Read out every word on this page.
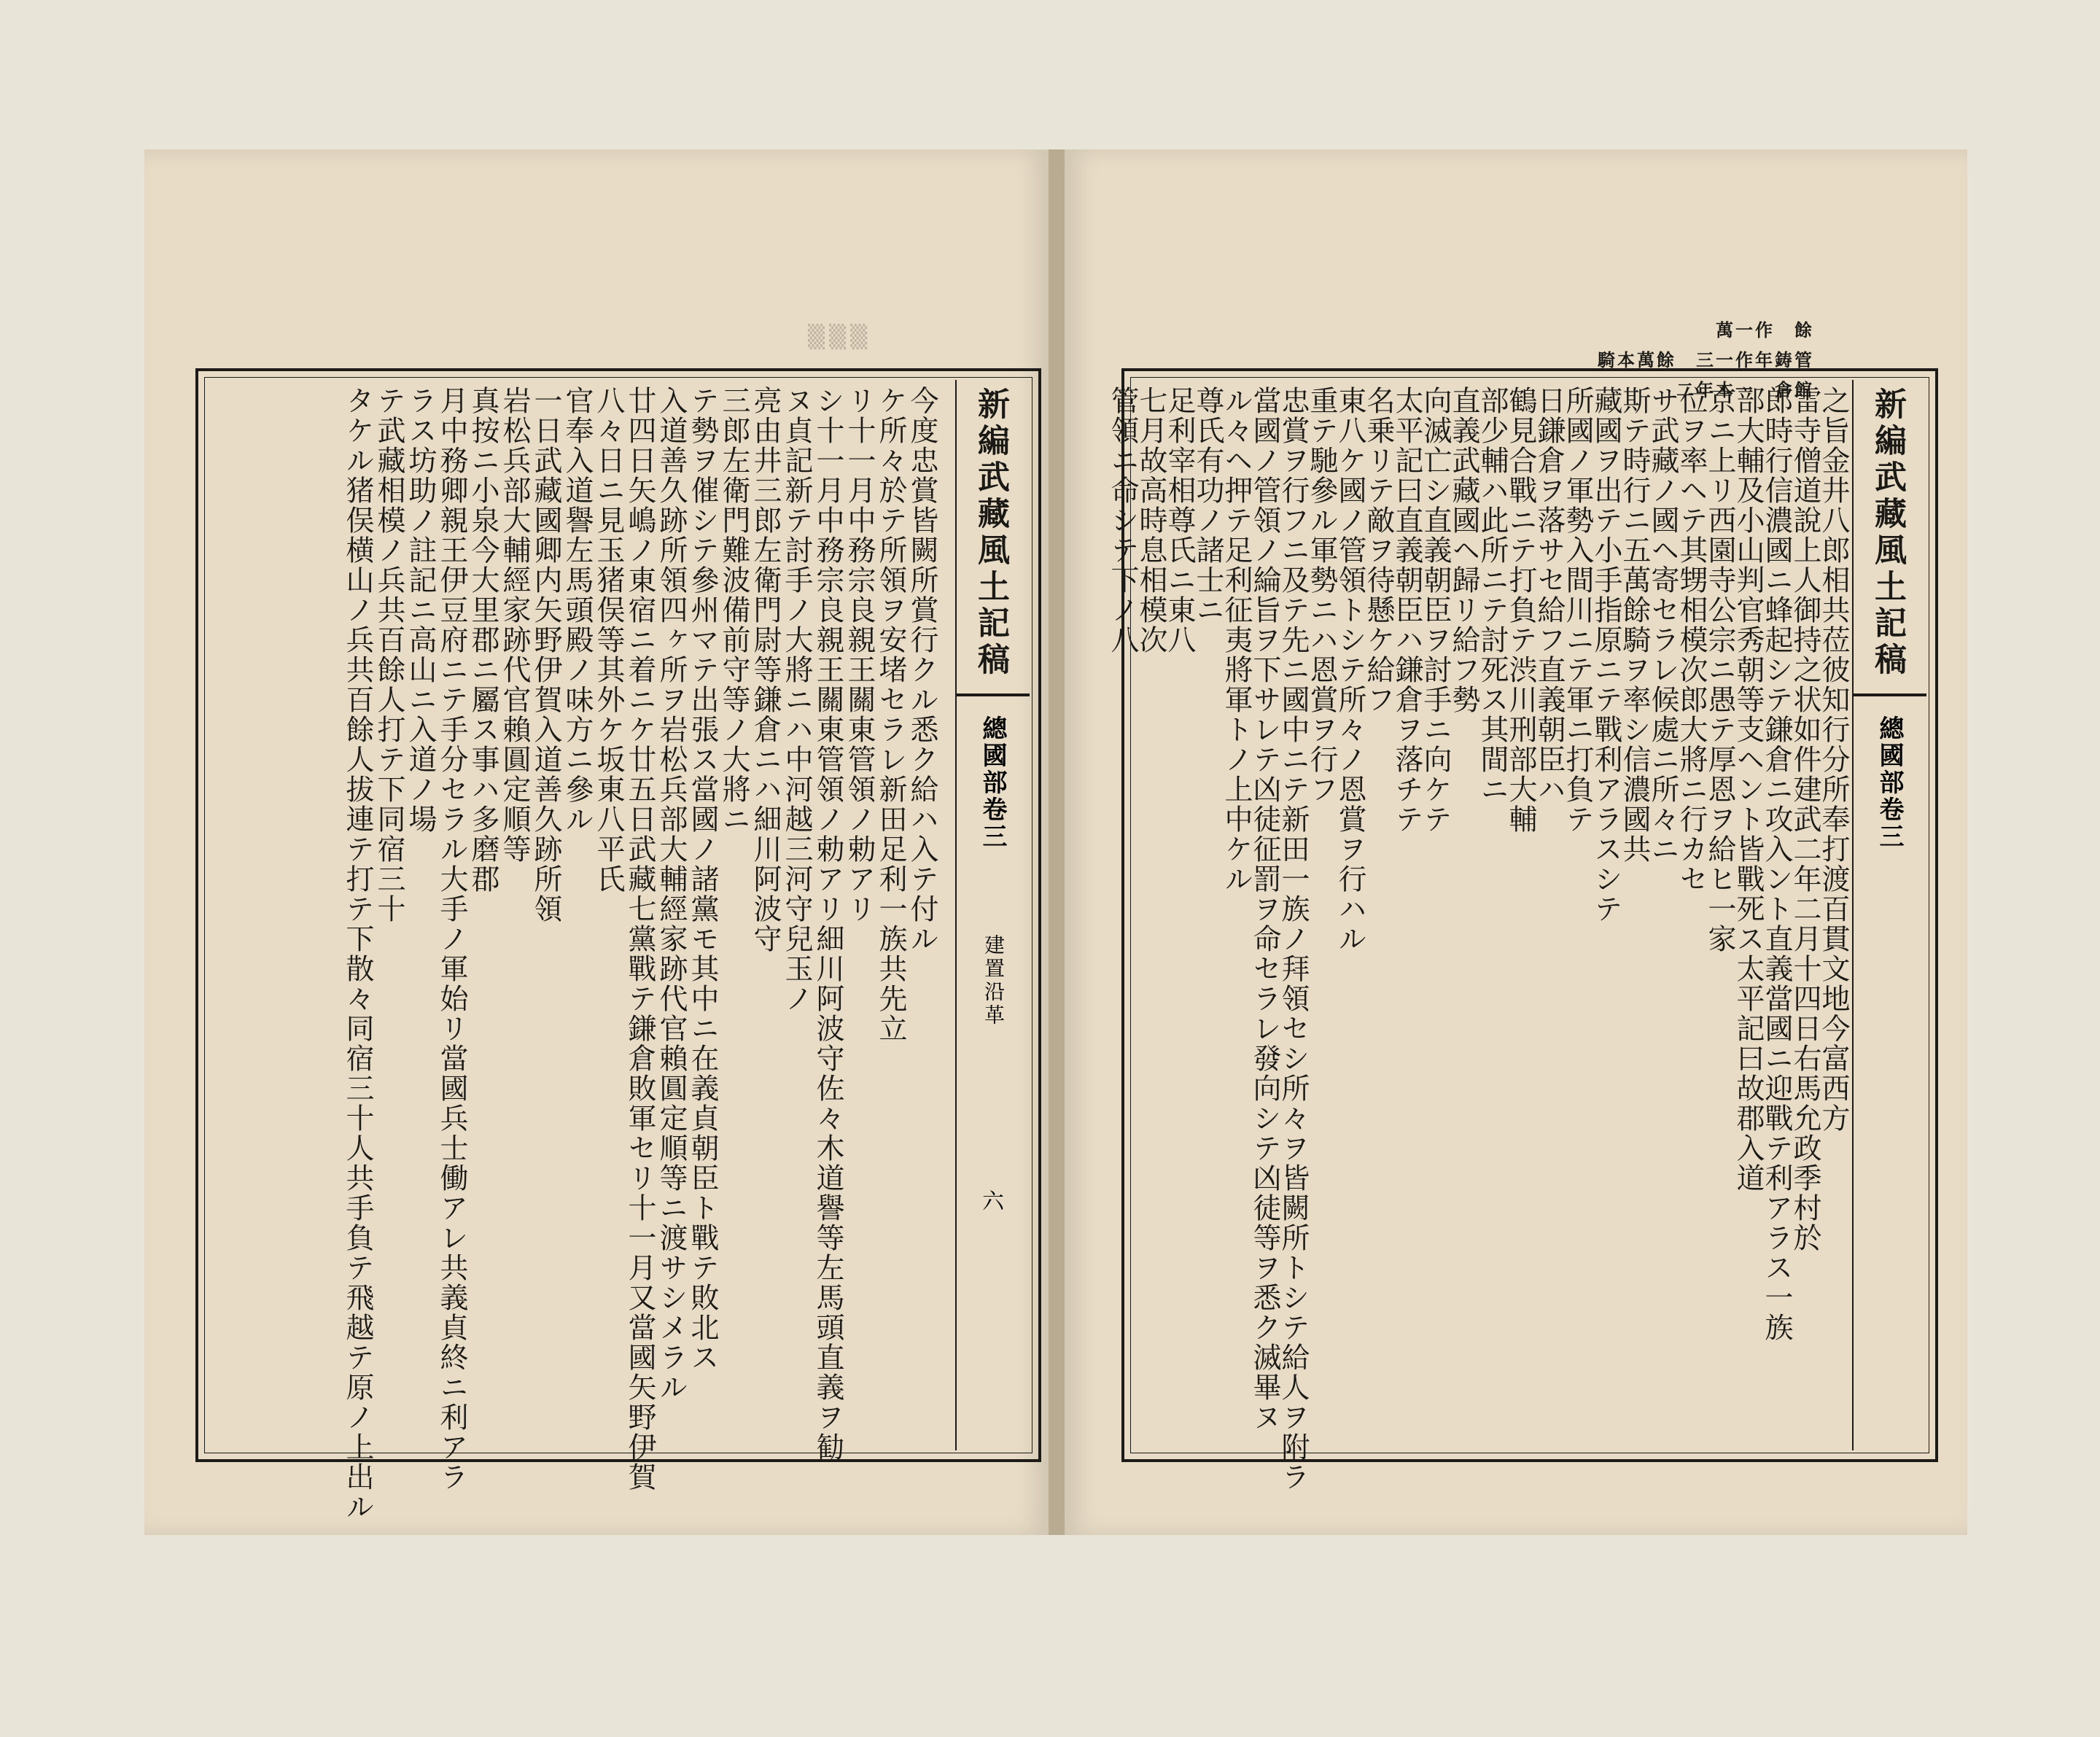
▒▒▒
新編武藏風土記稿
總國部卷三
建置沿革
六
今度忠賞皆闕所賞行クル悉ク給ハ入テ付ル
ケ所々於テ所領ヲ安堵セラレ新田足利一族共先立
リ十一月中務宗良親王關東管領ノ勅アリ
シ十一月中務宗良親王關東管領ノ勅アリ細川阿波守佐々木道譽等左馬頭直義ヲ勧
ヌ貞記新テ討手ノ大將ニハ中河越三河守兒玉ノ
亮由井三郎左衛門尉等鎌倉ニハ細川阿波守
三郎左衛門難波備前守等ノ大將ニ
テ勢ヲ催シテ參州マテ出張ス當國ノ諸黨モ其中ニ在義貞朝臣ト戰テ敗北ス
入道善久跡所領四ヶ所ヲ岩松兵部大輔經家跡代官賴圓定順等ニ渡サシメラル
廿四日矢嶋ノ東宿ニ着ニケ廿五日武藏七黨戰テ鎌倉敗軍セリ十一月又當國矢野伊賀
八々日ニ見玉猪俣等其外ケ坂東八平氏
官奉入道譽左馬頭殿ノ味方ニ參ル
一日武藏國卿内矢野伊賀入道善久跡所領
岩松兵部大輔經家跡代官賴圓定順等
真按ニ小泉今大里郡ニ屬ス事ハ多磨郡
月中務卿親王伊豆府ニテ手分セラル大手ノ軍始リ當國兵士働アレ共義貞終ニ利アラ
ラス坊助ノ註記ニ高山ニ入道ノ場
テ武藏相模ノ兵共百餘人打テ下同宿三十
タケル猪俣横山ノ兵共百餘人拔連テ打テ下散々同宿三十人共手負テ飛越テ原ノ上出ル
萬一作　餘
騎本萬餘　三一作年鋳管
二年本一　倉館 新編武藏風土記稿
總國部卷三
之旨金井八郎相共莅彼知行分所奉打渡百貫文地今富西方
雷寺僧道說上人御持之状如件建武二年二月十四日右馬允政季村於
郎時行信濃國ニ蜂起シテ鎌倉ニ攻入ント直義當國ニ迎戰テ利アラス一族
部大輔及小山判官秀朝等支ヘント皆戰死ス太平記曰故郡入道
京ニ上リ西園寺公宗ニ愚テ厚恩ヲ給ヒ一家
位ヲ率ヘテ其甥相模次郎大將ニ行カセ
サ武藏ノ國ヘ寄セラレ候處ニ所々ニ
斯テ時行ニ五萬餘騎ヲ率シ信濃國共
藏國ヲ出テ小手指原ニテ戰利アラスシテ
所國ノ軍勢入間川ニテ軍ニ打負テ
日鎌倉ヲ落サセ給フ直義朝臣ハ
鶴見合戰ニテ打負テ渋川刑部大輔
部少輔ハ此所ニテ討死ス其間ニ
直義武藏國ヘ歸リ給フ勢
向滅亡シ直義朝臣ヲ討手ニ向ケテ
太平記曰直義朝臣ハ鎌倉ヲ落チテ
名乗リテ敵ヲ待懸ケ給フ
東八ケ國ノ管領トシテ所々ノ恩賞ヲ行ハル
重テ馳參ル軍勢ニハ恩賞ヲ行フ
忠賞ヲ行フニ及テ先ニ國中ニテ新田一族ノ拜領セシ所々ヲ皆闕所トシテ給人ヲ附ラ
當國ノ管領ノ綸旨ヲ下サレテ凶徒征罰ヲ命セラレ發向シテ凶徒等ヲ悉ク滅畢ヌ
ル々ヘ押テ足利征夷將軍トノ上中ケル
尊氏有功ノ諸士ニ
足利宰相尊氏ニ東八
七月故高時息相模次
管領ニ命シテ下ノ八
